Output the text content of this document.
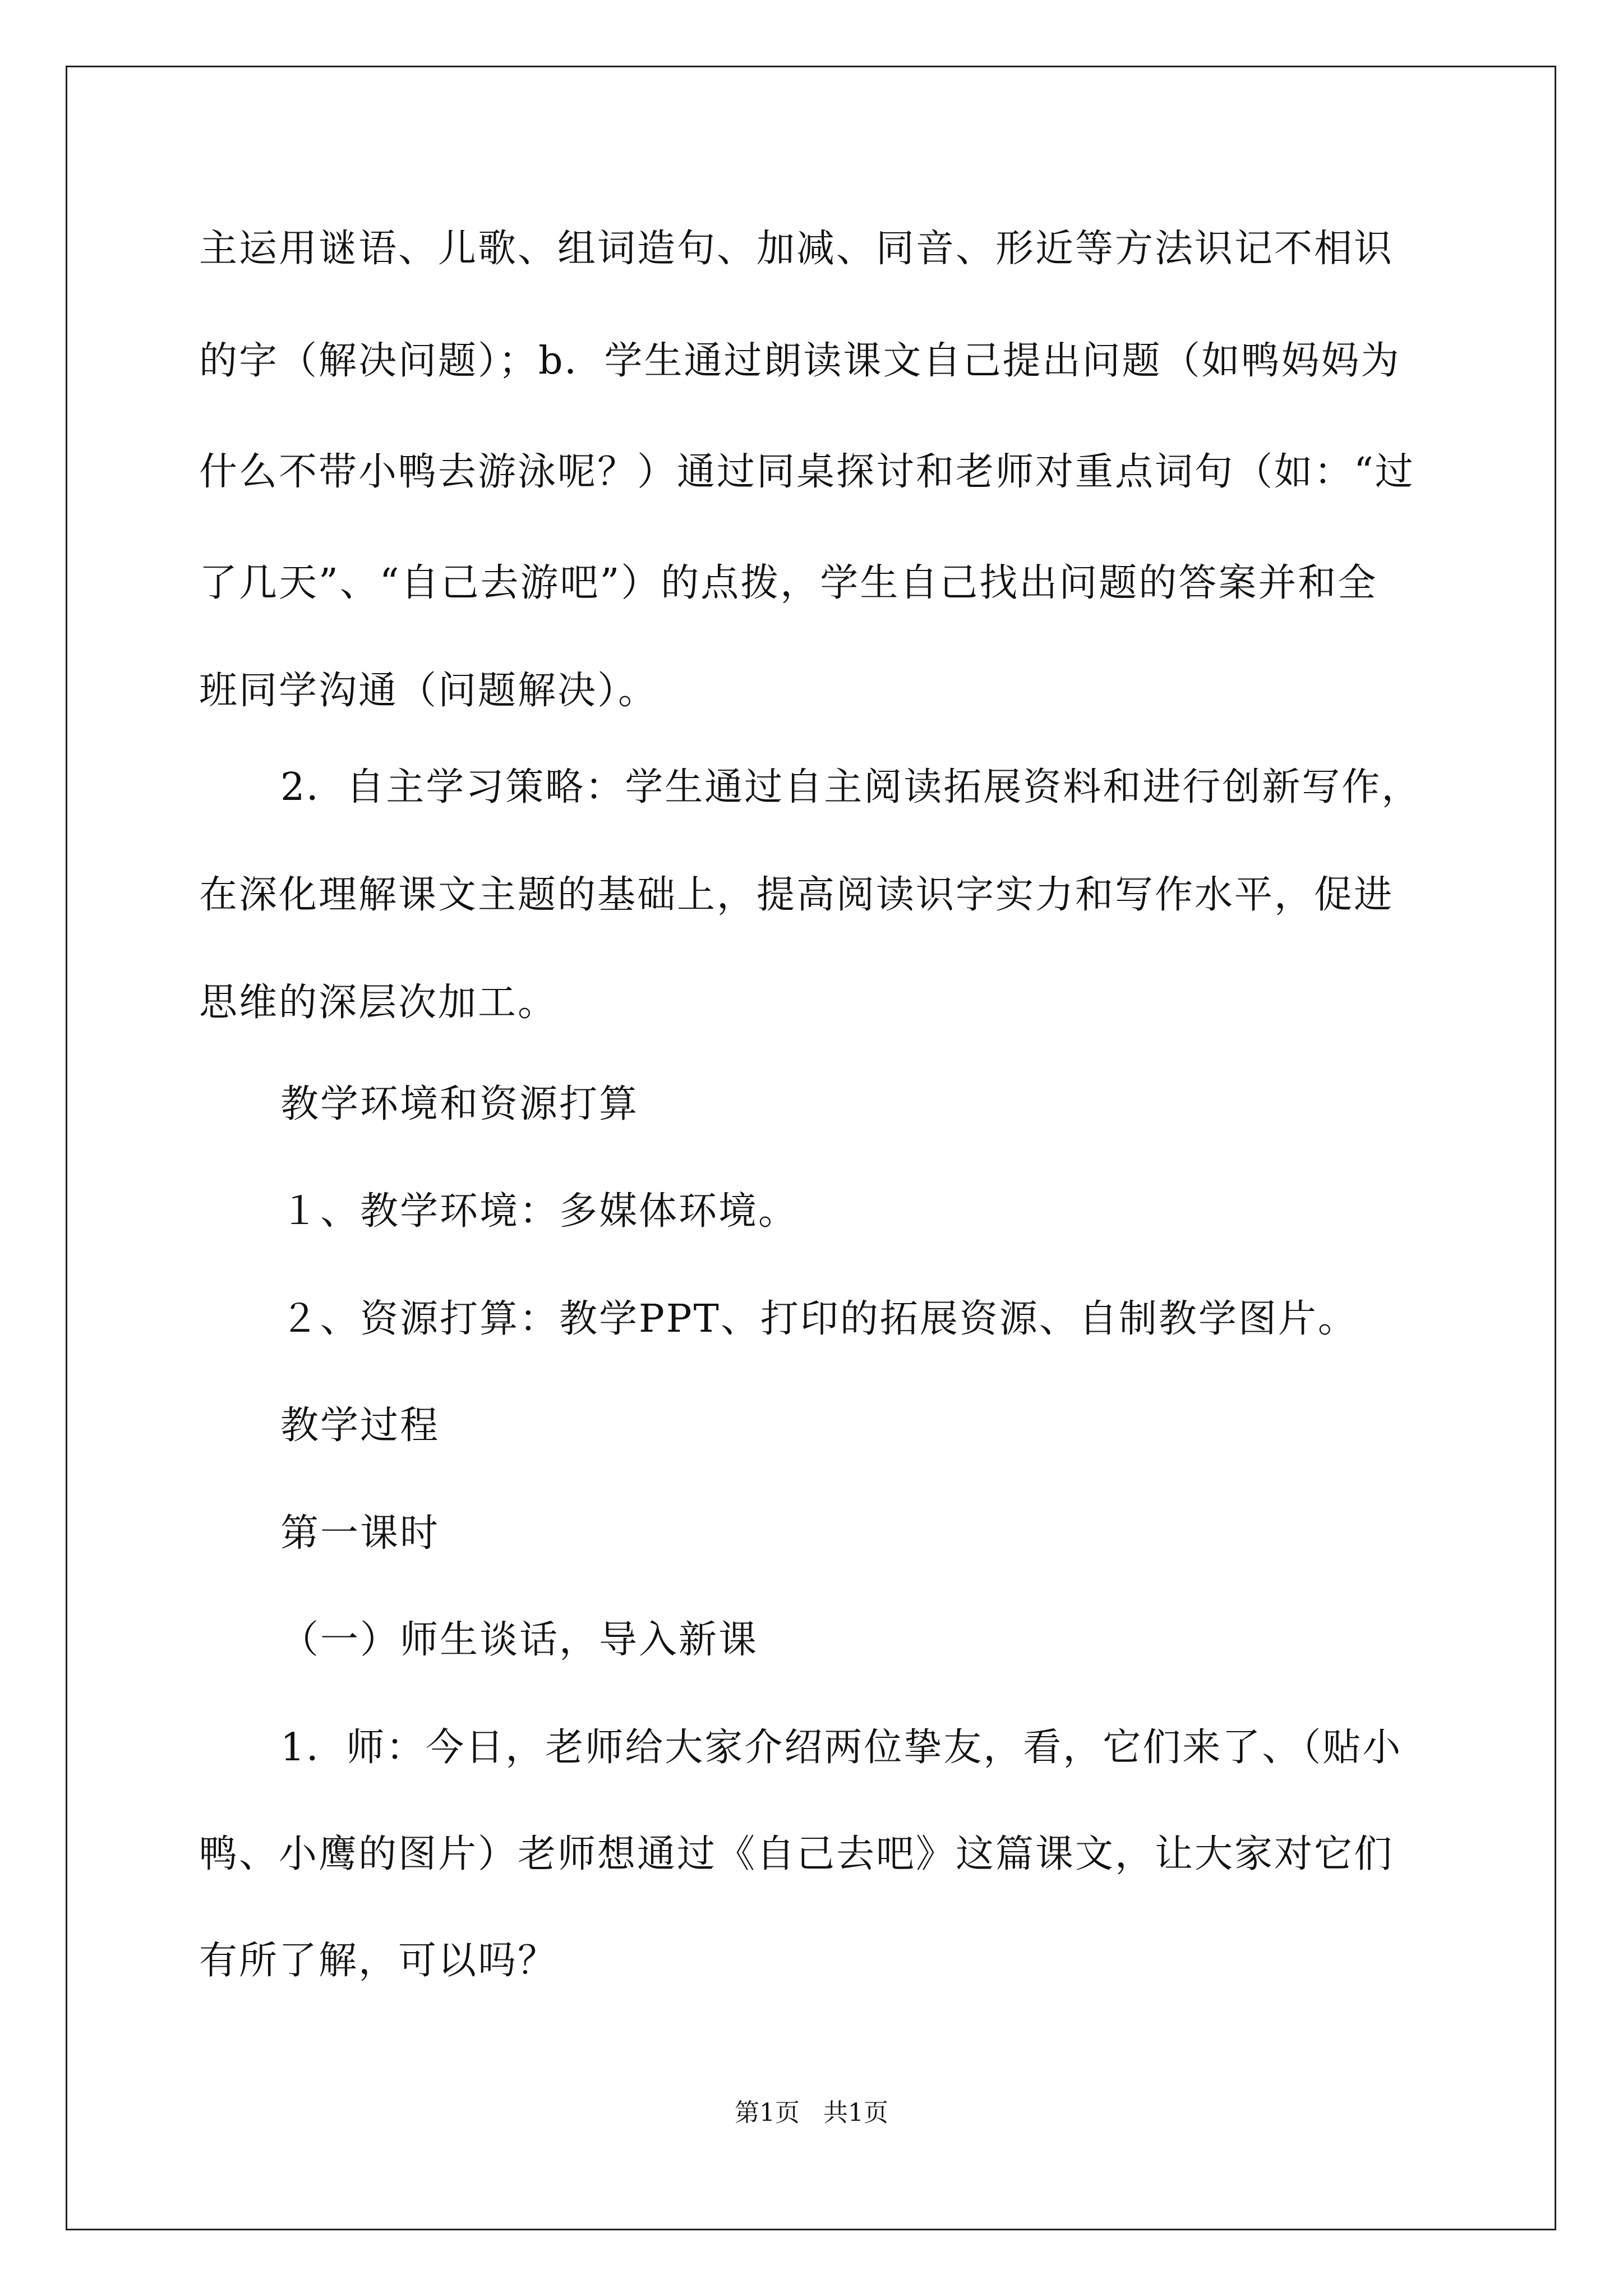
主运用谜语、儿歌、组词造句、加减、同音、形近等方法识记不相识
的字（解决问题）；b．学生通过朗读课文自己提出问题（如鸭妈妈为
什么不带小鸭去游泳呢？）通过同桌探讨和老师对重点词句（如：“过
了几天”、“自己去游吧”）的点拨，学生自己找出问题的答案并和全
班同学沟通（问题解决）。
2．自主学习策略：学生通过自主阅读拓展资料和进行创新写作，
在深化理解课文主题的基础上，提高阅读识字实力和写作水平，促进
思维的深层次加工。
教学环境和资源打算
１、教学环境：多媒体环境。
２、资源打算：教学PPT、打印的拓展资源、自制教学图片。
教学过程
第一课时
（一）师生谈话，导入新课
1．师：今日，老师给大家介绍两位挚友，看，它们来了、（贴小
鸭、小鹰的图片）老师想通过《自己去吧》这篇课文，让大家对它们
有所了解，可以吗？
第1页   共1页
